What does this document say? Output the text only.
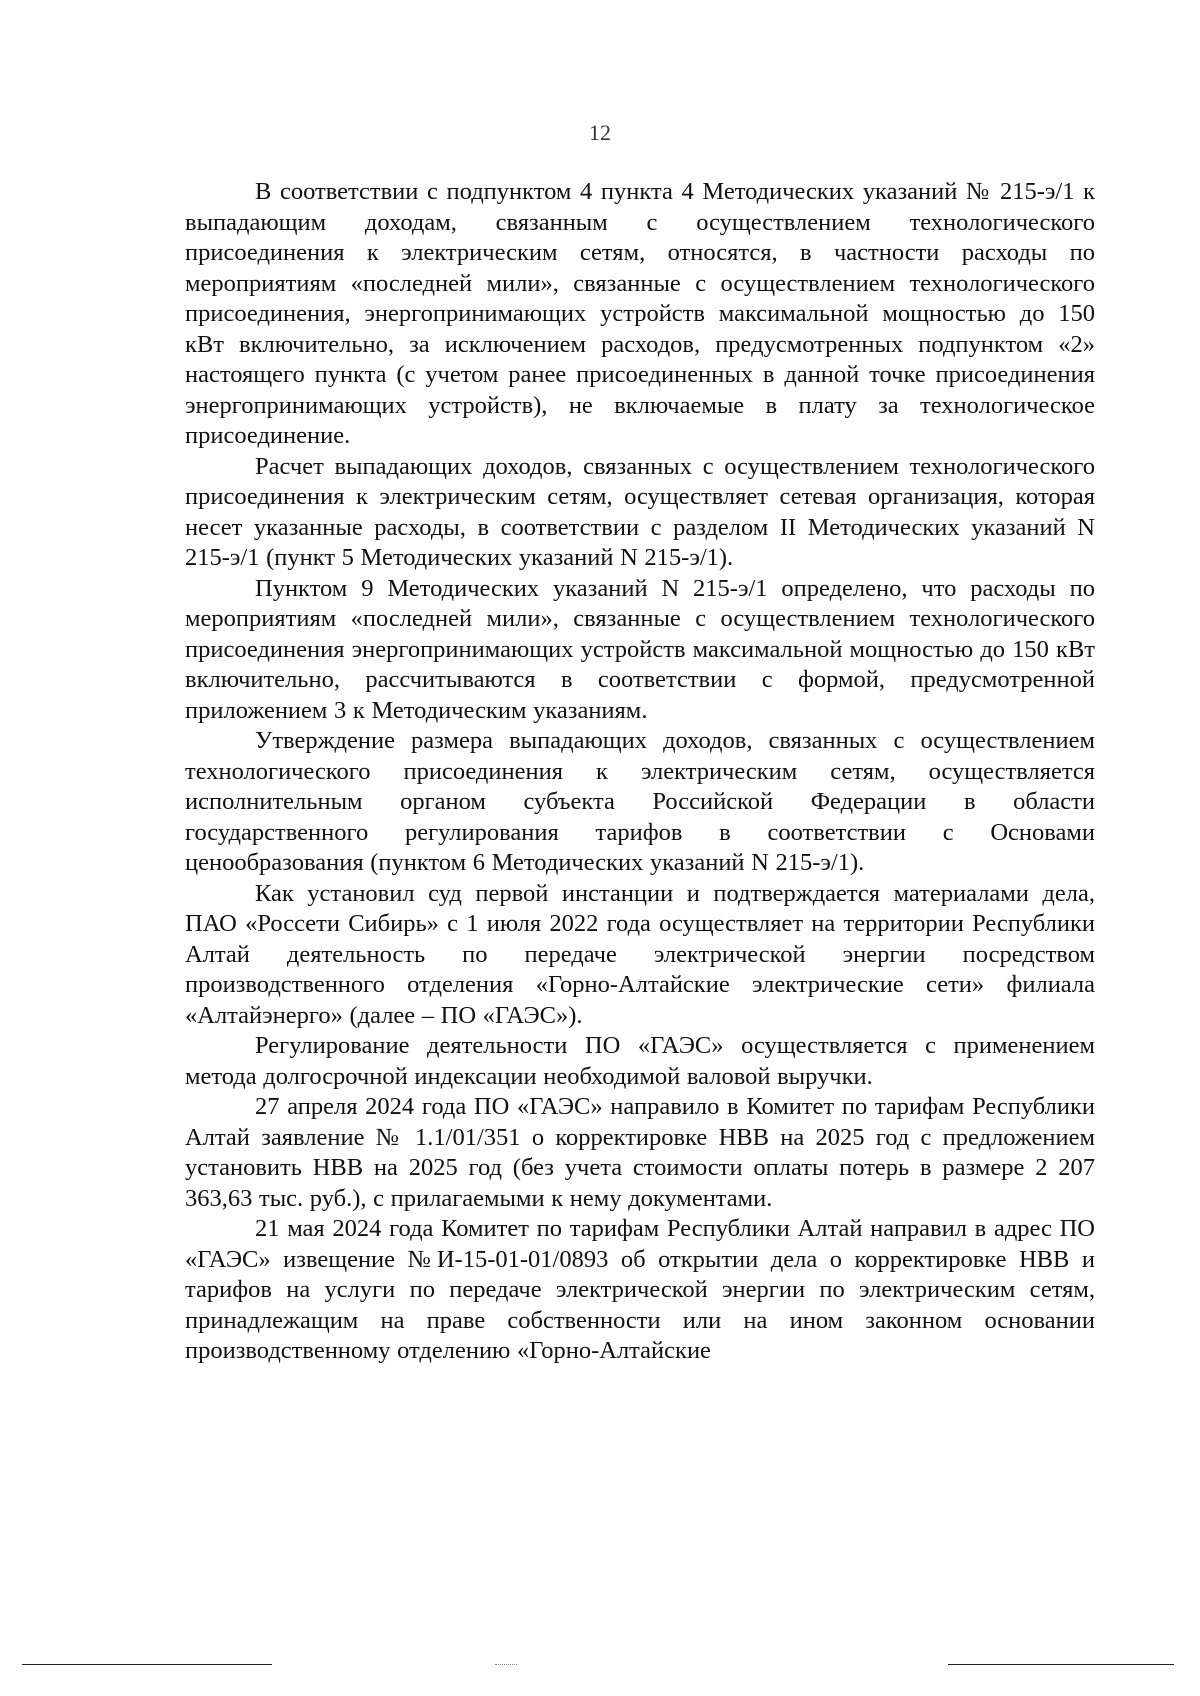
12

В соответствии с подпунктом 4 пункта 4 Методических указаний № 215-э/1 к выпадающим доходам, связанным с осуществлением технологического присоединения к электрическим сетям, относятся, в частности расходы по мероприятиям «последней мили», связанные с осуществлением технологического присоединения, энергопринимающих устройств максимальной мощностью до 150 кВт включительно, за исключением расходов, предусмотренных подпунктом «2» настоящего пункта (с учетом ранее присоединенных в данной точке присоединения энергопринимающих устройств), не включаемые в плату за технологическое присоединение.

Расчет выпадающих доходов, связанных с осуществлением технологического присоединения к электрическим сетям, осуществляет сетевая организация, которая несет указанные расходы, в соответствии с разделом II Методических указаний N 215-э/1 (пункт 5 Методических указаний N 215-э/1).

Пунктом 9 Методических указаний N 215-э/1 определено, что расходы по мероприятиям «последней мили», связанные с осуществлением технологического присоединения энергопринимающих устройств максимальной мощностью до 150 кВт включительно, рассчитываются в соответствии с формой, предусмотренной приложением 3 к Методическим указаниям.

Утверждение размера выпадающих доходов, связанных с осуществлением технологического присоединения к электрическим сетям, осуществляется исполнительным органом субъекта Российской Федерации в области государственного регулирования тарифов в соответствии с Основами ценообразования (пунктом 6 Методических указаний N 215-э/1).

Как установил суд первой инстанции и подтверждается материалами дела, ПАО «Россети Сибирь» с 1 июля 2022 года осуществляет на территории Республики Алтай деятельность по передаче электрической энергии посредством производственного отделения «Горно-Алтайские электрические сети» филиала «Алтайэнерго» (далее – ПО «ГАЭС»).

Регулирование деятельности ПО «ГАЭС» осуществляется с применением метода долгосрочной индексации необходимой валовой выручки.

27 апреля 2024 года ПО «ГАЭС» направило в Комитет по тарифам Республики Алтай заявление № 1.1/01/351 о корректировке НВВ на 2025 год с предложением установить НВВ на 2025 год (без учета стоимости оплаты потерь в размере 2 207 363,63 тыс. руб.), с прилагаемыми к нему документами.

21 мая 2024 года Комитет по тарифам Республики Алтай направил в адрес ПО «ГАЭС» извещение №И-15-01-01/0893 об открытии дела о корректировке НВВ и тарифов на услуги по передаче электрической энергии по электрическим сетям, принадлежащим на праве собственности или на ином законном основании производственному отделению «Горно-Алтайские
